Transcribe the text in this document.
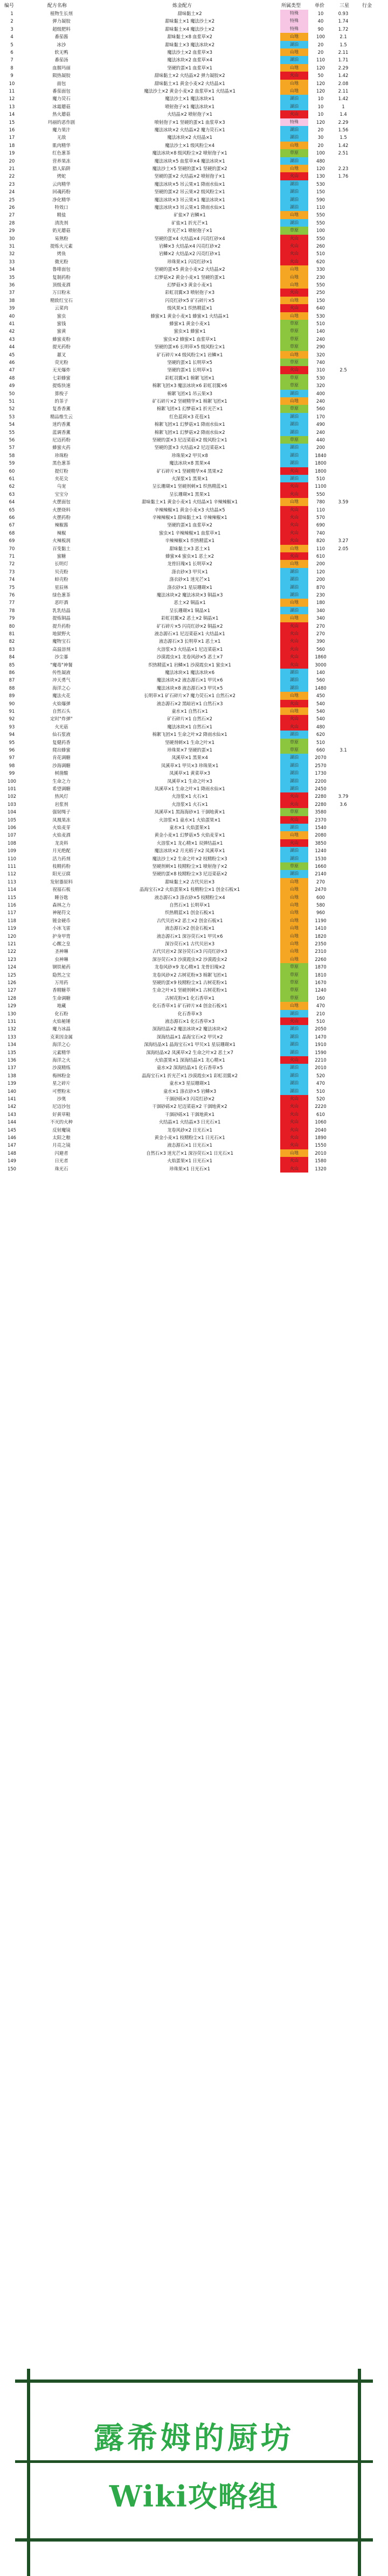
编号	配方名称	炼金配方	所属类型	单价	三星	行金
1	植物生长剂	甜味黏土×2	特殊	10	0.93
2	弹力凝胶	甜味黏土×1 魔法沙土×2	特殊	40	1.74
3	超级肥料	甜味黏土×4 魔法沙土×2	特殊	90	1.72
4	番茄酱	甜味黏土×8 血浆草×2	山地	100	2.1
5	冰沙	甜味黏土×3 魔法冰块×2	湖泊	20	1.5
6	软无鸭	魔法沙土×2 血浆草×3	山地	20	2.11
7	番茄汤	魔法冰块×2 血浆草×4	湖泊	110	1.71
8	血腥玛丽	坚硬的蛋×1 血浆草×1	山地	120	2.29
9	陨热凝胶	甜味黏土×2 火结晶×2 弹力凝胶×2	火山	50	1.42
10	面包	甜味黏土×1 黄金小麦×2 火结晶×1	山地	120	2.08
11	番茄面包	魔法沙土×2 黄金小麦×2 血浆草×1 火结晶×1	山地	120	2.11
12	魔力荧石	魔法沙土×1 魔法冰块×1	湖泊	10	1.42
13	冰霜蘑菇	喷射孢子×1 魔法冰块×1	湖泊	10	1
14	热火蘑菇	火结晶×2 喷射孢子×1	火山	10	1.4
15	玛丽的恶作剧	喷射孢子×1 坚硬的蛋×1 血浆草×3	特殊	120	2.29
16	魔力果汁	魔法冰块×2 火结晶×2 魔力荧石×1	湖泊	20	1.56
17	无敌	魔法冰块×2 火结晶×1	湖泊	30	1.5
18	肌肉精华	魔法沙土×1 级风粉尘×4	山地	20	1.42
19	红色葱茶	魔法冰块×8 级风粉尘×2 喷射孢子×1	草原	100	2.51
20	营养果冻	魔法冰块×5 血浆草×4 魔法冰块×1	湖泊	480
21	猎人陷阱	魔法沙土×5 坚硬的蛋×1 坚硬的蛋×2	山地	120	2.23
22	烤蛇	坚硬的蛋×2 火结晶×2 喷射孢子×1	火山	130	1.76
23	云肉精华	魔法冰块×5 吊云果×1 降雨水仙×1	湖泊	530
24	回魂药粉	坚硬的蛋×2 吊云果×2 级风粉尘×1	湖泊	150
25	净化精华	魔法冰块×3 吊云果×1 魔法冰块×1	湖泊	590
26	特效口	魔法冰块×3 吊云果×1 降雨水仙×1	湖泊	110
27	精盐	矿盐×7 岩鳞×1	山地	550
28	清洗剂	矿盐×1 折光芒×1	湖泊	550
29	奶光蘑菇	折光芒×1 喷射孢子×1	草原	100
30	易熟粉	坚硬的蛋×4 火结晶×4 闪亮红砂×4	火山	550
31	提炼火元素	岩鳞×3 火结晶×4 闪亮红砂×2	火山	260
32	烤鱼	岩鳞×2 火结晶×2 闪亮红砂×1	火山	510
33	微光粉	珍珠果×1 闪亮红砂×1	火山	620
34	鲁啡面包	坚硬的蛋×5 黄金小麦×2 火结晶×2	山地	330
35	复制药粉	幻梦菇×2 黄金小麦×1 坚硬的蛋×1	山地	230
36	顶级麦酒	幻梦菇×3 黄金小麦×1	山地	550
37	万日粉末	彩虹羽翼×3 喷射孢子×3	火山	250
38	精致红宝石	闪亮红砂×5 矿石碎片×5	山地	150
39	云菜肉	级风果×1 织热精蓝×1	火山	640
40	蜜虫	蜂蜜×1 黄金小麦×1 蜂蜜×1 火结晶×1	山地	530
41	蜜钱	蜂蜜×1 黄金小麦×1	草原	510
42	蜜黄	蜜虫×1 蜂蜜×1	草原	140
43	蜂蜜麦粉	蜜虫×2 蜂蜜×1 血浆草×1	草原	240
44	提光药粉	坚硬的蛋×6 长明草×5 级风粉尘×1	草原	290
45	蕙叉	矿石碎片×4 级风粉尘×1 岩鳞×1	山地	320
46	荧光粉	坚硬的蛋×1 长明草×5	草原	740
47	无光爆炸	坚硬的蛋×1 长明草×1	火山	310	2.5
48	七彩蜂蜜	彩虹羽翼×1 棉絮飞团×1	草原	530
49	提炼快速	棉絮飞团×3 魔法冰块×6 彩虹羽翼×6	草原	320
50	算梭子	棉絮飞团×1 吊云果×3	湖泊	400
51	的茶子	矿石碎片×2 坚硬精华×1 棉絮飞团×1	山地	240
52	复香香薰	棉絮飞团×1 幻梦菇×1 折光芒×1	草原	560
53	精品维生云	红色蓝荷×3 花苞×1	湖泊	170
54	迷约香薰	棉絮飞团×1 幻梦菇×1 降雨水仙×1	湖泊	490
55	蓝调香薰	棉絮飞团×1 幻梦菇×2 降雨水仙×2	湖泊	240
56	尼迈药粉	坚硬的蛋×3 尼迈菜菇×2 级风粉尘×1	草原	440
57	蜂蜜火药	坚硬的蛋×3 火结晶×2 尼迈菜菇×1	湖泊	200
58	珍珠粉	珍珠果×2 甲贝×8	湖泊	1840
59	黑色葱茶	魔法冰块×8 黑果×4	湖泊	1800
60	提灯粉	矿石碎片×1 坚硬精华×4 黑果×2	火山	1800
61	夹花尖	火深浆×1 黑果×1	湖泊	510
62	乌宠	呈长珊瑚×1 坚硬剂刺×1 织热精蓝×1	火山	1100
63	宝宝分	呈长珊瑚×1 黑果×1	火山	550
64	火摆面包	甜味黏土×1 黄金小麦×1 火结晶×1 辛辣辣椒×1	山地	780	3.59
65	火摆烧料	辛辣辣椒×1 黄金小麦×3 火结晶×5	火山	110
66	火摆药粉	辛辣辣椒×1 甜味黏土×1 辛辣辣椒×1	火山	570
67	辣椒酱	坚硬的蛋×1 血浆草×2	火山	690
68	辣椒	蜜虫×1 辛辣辣椒×1 血浆草×1	火山	740
69	火辣板润	辛辣辣椒×1 织热精蓝×1	火山	820	3.27
70	百变黏土	甜味黏土×3 恶土×1	山地	110	2.05
71	蜜糖	蜂蜜×4 蜜虫×1 恶土×2	火山	610
72	长明灯	龙骨旧瑰×1 长明草×2	山地	200
73	贝壳粉	涤衣砂×3 甲贝×1	湖泊	120
74	蚌壳粉	涤衣砂×1 迷光芒×1	湖泊	200
75	星辰林	涤衣砂×1 星辰珊瑚×1	湖泊	870
76	绿色葱茶	魔法冰块×2 魔法冰块×3 铜晶×3	湖泊	230
77	恶吓酒	恶土×2 铜晶×1	山地	180
78	乳乳结晶	呈长珊瑚×1 铜晶×1	湖泊	340
79	提炼铜晶	彩虹羽翼×2 恶土×2 铜晶×1	山地	340
80	提升药粉	矿石碎片×5 闪亮红砂×2 铜晶×2	火山	270
81	地狱野火	液态源石×1 尼迈菜菇×1 火结晶×1	火山	270
82	魔物宝石	液态源石×3 长明草×1 恶土×1	火山	390
83	高温溶剂	火溶浆×3 火结晶×1 尼迈菜菇×1	火山	560
84	沙尘暴	沙漠霞虫×1 龙卷风砂×5 恶土×7	火山	1860
85	"魔毒"神餐	织热精蓝×1 岩鳞×1 沙漠霞虫×1 蜜虫×1	火山	3000
86	传性凝液	魔法冰块×1 魔法冰块×6	湖泊	140
87	冲天勇气	魔法冰块×2 液态源石×1 甲贝×6	湖泊	560
88	海洋之心	魔法冰块×8 液态源石×3 甲贝×5	湖泊	1480
89	魔法火花	长明草×1 矿石碎片×7 魔力荧石×1 自然石×2	山地	450
90	火焰爆弹	液态源石×2 黑暗岩×1 自然石×3	火山	540
91	自然石头	童水×1 自然石×1	山地	540
92	定时"炸弹"	矿石碎片×1 自然石×2	火山	540
93	火光菇	魔法冰块×1 自然石×1	火山	480
94	仙石浆液	棉絮飞团×1 生命之叶×2 降雨水仙×1	湖泊	620
95	复健药香	坚硬剂刺×1 生命之叶×1	草原	510
96	爬出蜂蜜	珍珠果×7 坚硬的蛋×1	草原	660	3.1
97	肯花调糖	凤溪草×1 黑果×4	湖泊	2070
98	沙海调糖	凤溪草×1 甲贝×3 珍珠果×1	湖泊	2570
99	树凿酸	凤溪草×1 黄菜草×3	湖泊	1730
100	生命之力	凤溪草×1 生命之叶×3	湖泊	2200
101	希望调糖	凤溪草×1 生命之叶×1 降雨水仙×1	湖泊	2450
102	热风灯	火溶浆×1 火石×1	火山	2280	3.79
103	岩浆剂	火溶浆×1 火石×1	火山	2280	3.6
104	强韧绳子	凤溪草×1 黑海海砂×1 干涸地黄×1	草原	3580
105	凤凰果冻	火溶浆×1 童水×1 火焰蛋果×1	火山	2370
106	火焰麦芽	童水×1 火焰蛋果×1	湖泊	1540
107	火焰麦酒	黄金小麦×1 幻梦菇×5 火焰麦芽×1	山地	2080
108	龙炎料	火溶浆×1 龙心精×1 双弹结晶×1	火山	3850
109	月光绝配	魔法冰块×2 月光稻子×2 凤溪草×1	湖泊	1240
110	活力药剂	魔法沙土×2 生命之叶×2 枝精粉尘×3	湖泊	1530
111	枝精药粉	坚硬剂刺×1 枝精粉尘×1 喷射孢子×2	草原	1660
112	阳光豆腐	坚硬的蛋×8 枝精粉尘×3 尼迈菜菇×2	湖泊	2140
113	发射器原料	甜味黏土×2 古代贝岩×3	山地	270
114	祝福石板	晶海宝石×2 火焰蛋果×1 枝精粉尘×1 创金石板×1	山地	2470
115	睡谷匙	液态源石×3 涤衣砂×5 枝精粉尘×4	山地	600
116	森林之力	自然石×1 长明草×1	山地	580
117	神秘符文	织热精蓝×1 创金石板×1	山地	960
118	镀金硬币	古代贝岩×2 恶土×2 创金石板×1	山地	1190
119	小冰飞雷	液态源石×2 创金石板×1	山地	1410
120	护身甲胄	液态源石×1 深谷荧石×1 甲贝×6	山地	1820
121	心醒之皇	深谷荧石×1 古代贝岩×3	山地	2350
122	圣神琳	古代贝岩×2 深谷荧石×3 闪亮红砂×3	山地	2310
123	虫神琳	深谷荧石×3 沙漠霞虫×2 沙漠霞虫×2	山地	2260
124	钢铁秘药	龙卷风砂×9 龙心精×1 龙骨旧瑰×2	草原	1870
125	隐然之宝	龙卷风砂×2 古树花粉×3 棉絮飞团×1	草原	1810
126	万用药	坚硬的蛋×9 枝精粉尘×1 古树花粉×1	草原	1670
127	香精糖萃	生命之叶×1 坚硬剂刺×1 古树花粉×1	草原	1240
128	生命调糖	古树花粉×1 化石香草×1	草原	160
129	地藏	化石香草×1 矿石碎片×4 创金石板×1	山地	470
130	化石粉	化石香草×3	湖泊	210
131	火焰秘锤	液态源石×1 化石香草×3	火山	510
132	魔力冰晶	深海结晶×2 魔法冰块×2 魔法冰块×2	湖泊	2050
133	克莱因金属	深海结晶×1 晶海宝石×2 甲贝×2	湖泊	1470
134	海洋之心	深海结晶×1 晶海宝石×1 甲贝×1 星辰珊瑚×1	湖泊	1910
135	元素精华	深海结晶×2 凤溪草×2 生命之叶×2 恶土×7	湖泊	1590
136	海洋之火	火焰蛋果×1 深海结晶×1 龙心精×1	火山	2210
137	沙漠精练	童水×2 深海结晶×1 化石香草×5	湖泊	2010
138	梅林粉金	晶海宝石×1 折光芒×1 沙漠霞虫×1 彩虹羽翼×2	湖泊	520
139	星之碎片	童水×3 星辰珊瑚×1	湖泊	470
140	可塑粉末	童水×1 涤衣砂×5 岩鳞×3	湖泊	510
141	沙奥	干涸砂砾×3 闪亮红砂×2	火山	520
142	尼迈沙包	干涸砂砾×2 尼迈菜菇×2 干涸地黄×2	火山	2220
143	好黄草鞋	干涸砂砾×1 干涸地黄×1	火山	610
144	不灭的火种	火结晶×1 火结晶×3 日光石×1	火山	1060
145	反射魔镜	龙卷风砂×2 日光石×1	火山	2040
146	太阳之粮	黄金小麦×1 枝精粉尘×1 日光石×1	火山	1890
147	月亮之镜	液态源石×1 日光石×1	火山	1550
148	闪避者	自然石×3 迷光芒×1 深谷荧石×1 日光石×1	山地	2010
149	日光者	火焰蛋果×1 日光石×1	火山	1580
150	珠光石	珍珠果×1 日光石×1	火山	1320
露希姆的厨坊
Wiki攻略组
